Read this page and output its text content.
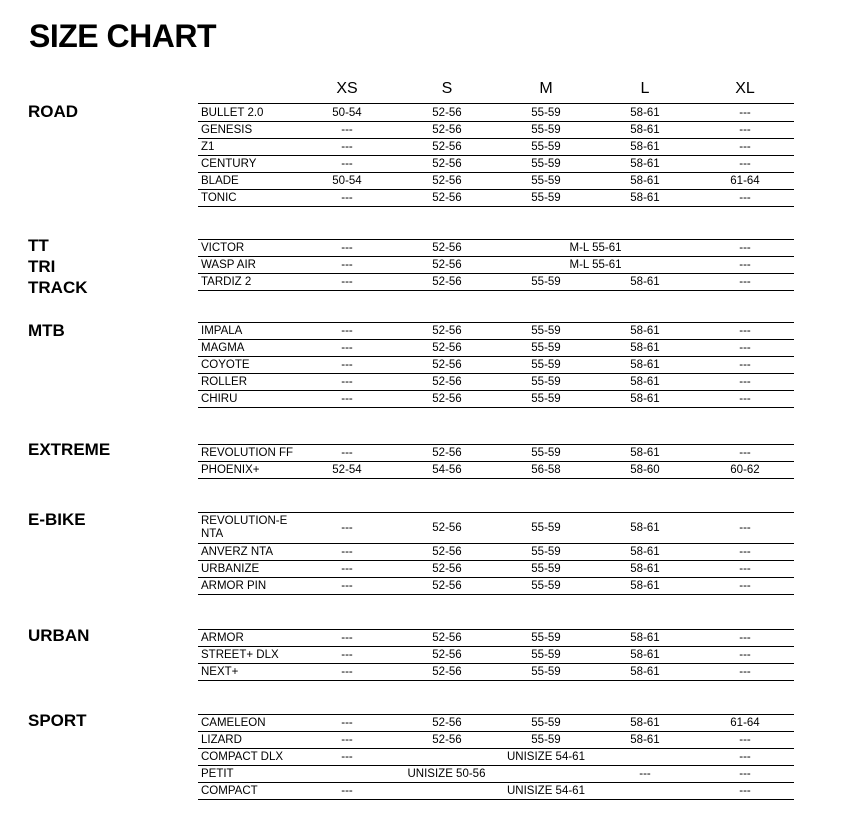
SIZE CHART
XS	S	M	L	XL
ROAD	BULLET 2.0	50-54	52-56	55-59	58-61	---
GENESIS	---	52-56	55-59	58-61	---
Z1	---	52-56	55-59	58-61	---
CENTURY	---	52-56	55-59	58-61	---
BLADE	50-54	52-56	55-59	58-61	61-64
TONIC	---	52-56	55-59	58-61	---
TT
TRI
TRACK
VICTOR	---	52-56	M-L 55-61	---
WASP AIR	---	52-56	M-L 55-61	---
TARDIZ 2	---	52-56	55-59	58-61	---
MTB	IMPALA	---	52-56	55-59	58-61	---
MAGMA	---	52-56	55-59	58-61	---
COYOTE	---	52-56	55-59	58-61	---
ROLLER	---	52-56	55-59	58-61	---
CHIRU	---	52-56	55-59	58-61	---
EXTREME	REVOLUTION FF	---	52-56	55-59	58-61	---
PHOENIX+	52-54	54-56	56-58	58-60	60-62
E-BIKE	REVOLUTION-E
NTA	---	52-56	55-59	58-61	---
ANVERZ NTA	---	52-56	55-59	58-61	---
URBANIZE	---	52-56	55-59	58-61	---
ARMOR PIN	---	52-56	55-59	58-61	---
URBAN	ARMOR	---	52-56	55-59	58-61	---
STREET+ DLX	---	52-56	55-59	58-61	---
NEXT+	---	52-56	55-59	58-61	---
SPORT	CAMELEON	---	52-56	55-59	58-61	61-64
LIZARD	---	52-56	55-59	58-61	---
COMPACT DLX	---	UNISIZE 54-61	---
PETIT	UNISIZE 50-56	---	---
COMPACT	---	UNISIZE 54-61	---
